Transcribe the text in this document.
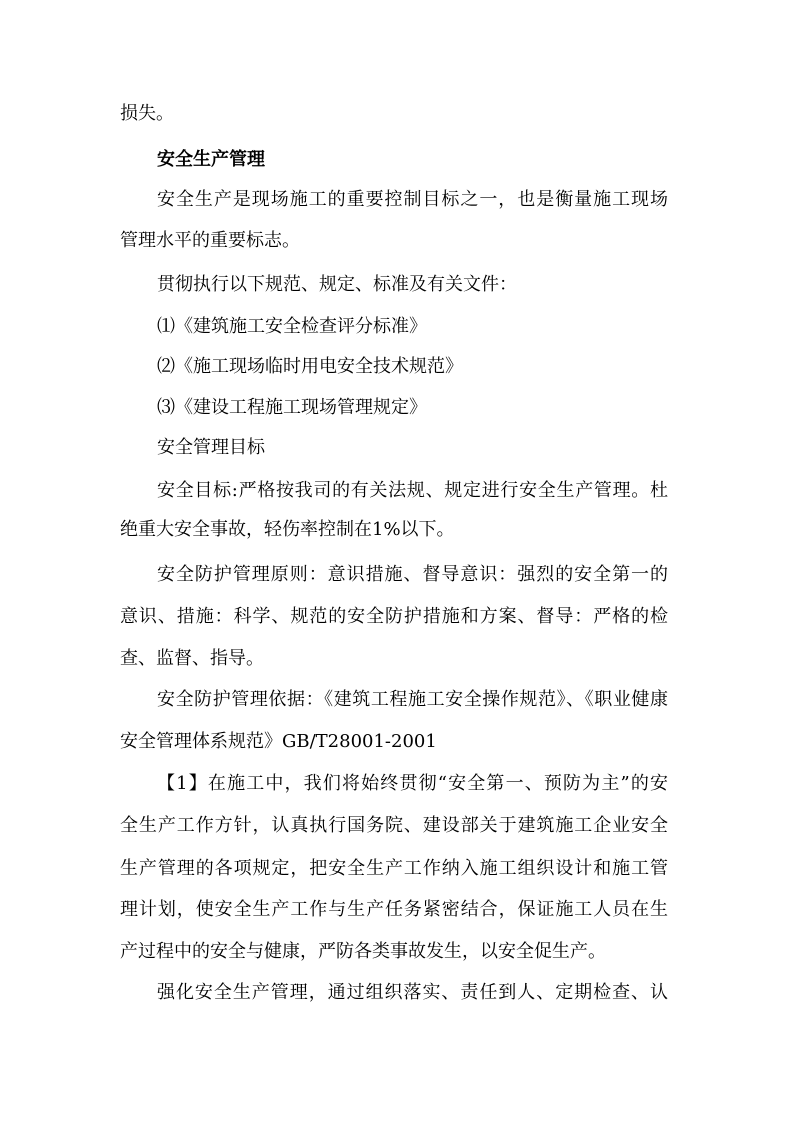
损失。
安全生产管理
安全生产是现场施工的重要控制目标之一，也是衡量施工现场
管理水平的重要标志。
贯彻执行以下规范、规定、标准及有关文件：
⑴《建筑施工安全检查评分标准》
⑵《施工现场临时用电安全技术规范》
⑶《建设工程施工现场管理规定》
安全管理目标
安全目标:严格按我司的有关法规、规定进行安全生产管理。杜
绝重大安全事故，轻伤率控制在1%以下。
安全防护管理原则：意识措施、督导意识：强烈的安全第一的
意识、措施：科学、规范的安全防护措施和方案、督导：严格的检
查、监督、指导。
安全防护管理依据：《建筑工程施工安全操作规范》、《职业健康
安全管理体系规范》GB/T28001-2001
【1】在施工中，我们将始终贯彻“安全第一、预防为主”的安
全生产工作方针，认真执行国务院、建设部关于建筑施工企业安全
生产管理的各项规定，把安全生产工作纳入施工组织设计和施工管
理计划，使安全生产工作与生产任务紧密结合，保证施工人员在生
产过程中的安全与健康，严防各类事故发生，以安全促生产。
强化安全生产管理，通过组织落实、责任到人、定期检查、认
